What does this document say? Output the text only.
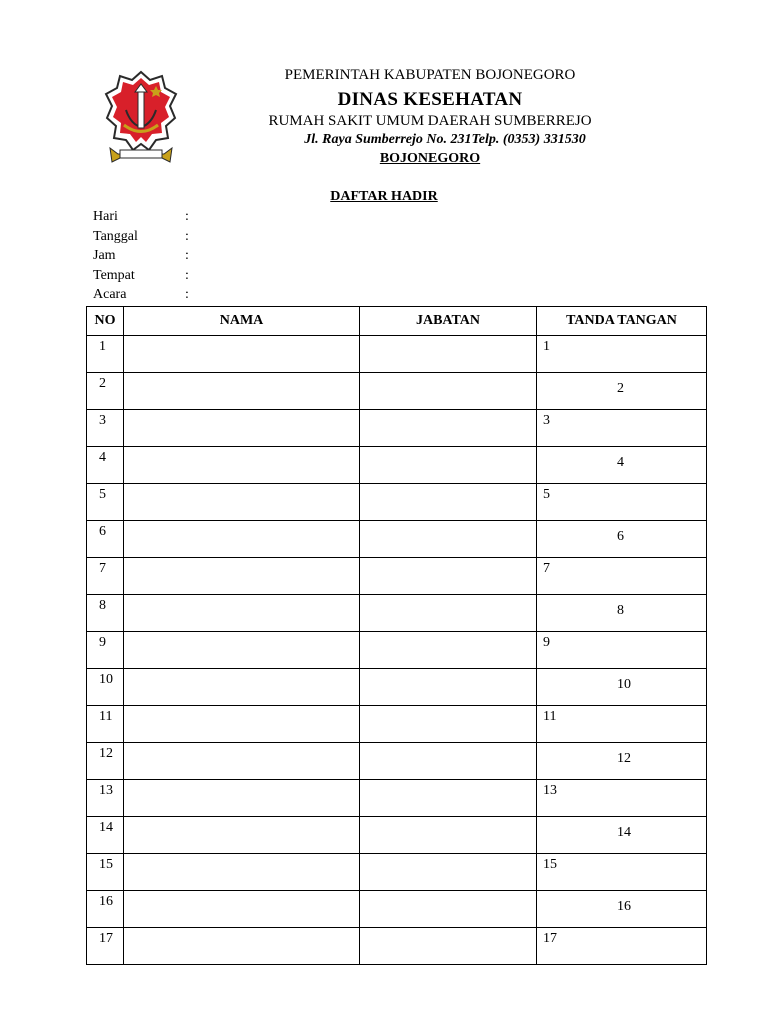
PEMERINTAH KABUPATEN BOJONEGORO
DINAS KESEHATAN
RUMAH SAKIT UMUM DAERAH SUMBERREJO
Jl. Raya Sumberrejo No. 231Telp. (0353) 331530
BOJONEGORO
DAFTAR HADIR
Hari	:
Tanggal	:
Jam	:
Tempat	:
Acara	:
NO	NAMA	JABATAN	TANDA TANGAN
1			1

2			2

3			3

4			4

5			5

6			6

7			7

8			8

9			9

10			10

11			11

12			12

13			13

14			14

15			15

16			16

17			17
